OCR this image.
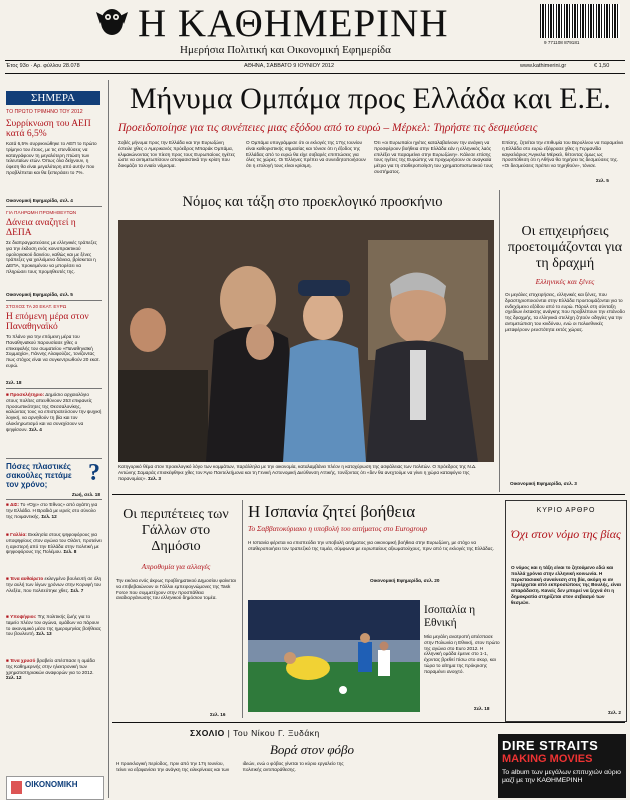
Η ΚΑΘΗΜΕΡΙΝΗ
Ημερήσια Πολιτική και Οικονομική Εφημερίδα
9 771108 879181
Έτος 93ο · Αρ. φύλλου 28.078	ΑΘΗΝΑ, ΣΑΒΒΑΤΟ 9 ΙΟΥΝΙΟΥ 2012	www.kathimerini.gr	€ 1,50
ΣΗΜΕΡΑ
ΤΟ ΠΡΩΤΟ ΤΡΙΜΗΝΟ ΤΟΥ 2012
Συρρίκνωση του ΑΕΠ κατά 6,5%
Κατά 6,5% συρρικνώθηκε το ΑΕΠ το πρώτο τρίμηνο του έτους, με τις επενδύσεις να καταγράφουν τη μεγαλύτερη πτώση των τελευταίων ετών. Όπως όλα δείχνουν, η ύφεση θα είναι μεγαλύτερη από αυτήν που προβλέπεται και θα ξεπεράσει το 7%.
Οικονομική Εφημερίδα, σελ. 4
ΓΙΑ ΠΛΗΡΩΜΗ ΠΡΟΜΗΘΕΥΤΩΝ
Δάνεια αναζητεί η ΔΕΠΑ
Σε διαπραγματεύσεις με ελληνικές τράπεζες για την έκδοση ενός κοινοπρακτικού ομολογιακού δανείου, καθώς και με ξένες τράπεζες για χειλιόμενα δάνεια, βρίσκεται η ΔΕΠΑ, προκειμένου να μπορέσει να πληρώσει τους προμηθευτές της.
Οικονομική Εφημερίδα, σελ. 5
ΣΤΟΧΟΣ ΤΑ 20 ΕΚΑΤ. ΕΥΡΩ
Η επόμενη μέρα στον Παναθηναϊκό
Το πλάνο για την επόμενη μέρα του Παναθηναϊκού παρουσίασε χθες ο επικεφαλής του σωματείου «Παναθηναϊκή Συμμαχία», Γιάννης Αλαφούζος, τονίζοντας πως στόχος είναι να συγκεντρωθούν 20 εκατ. ευρώ.
Σελ. 18
■ Προσκλήτηριο: Δημόσιο αρχαιολόγιο στους πολίτες απευθύνουν 253 επιφανείς προσωπικότητες της Θεσσαλονίκης, καλώντας τους να επιστρατεύσουν την ψυχική λογική, να αρνηθούν τη βία και τον ολοκληρωτισμό και να συνεχίσουν να ψηφίσουν. Σελ. 4
Πόσες πλαστικές σακούλες πετάμε τον χρόνο;	?
Ζωή, σελ. 18
■ ΔΙΣ: Το «Όχι» στο Έθνος» από αγάπη για την Ελλάδα. Η Βραδιά με ιερείς στο σύνολο της ποιμαντικής. Σελ. 12
■ Γαλλία: Εκκλησία στους ψηφοφόρους για υποψηφίους στον αγώνα του Ολάντ, προτείνει η αριστερή από την Ελλάδα στην πολιτική με ψηφοφόρους της Πολέμου. Σελ. 8
■ Ένα αυθαίρετο εκλεγμένο βουλευτή σε όλη την αυλή των λίγων χρόνων στην Κορυφή του Αλεξέα, που πολιτεύτηκε χθες. Σελ. 7
■ Υποψήφιοι: Της πολιτικής ζωής για το ταμείο πλέον του αγώνα, ομάδων να πάρουν το οικονομικό μέσο της ημερομηνίας βοήθειας του βουλευτή. Σελ. 13
■ Ένα χρυσό βραβείο απέσπασε η ομάδα της Καθημερινής στην ηλεκτρονική των χρηματιστηριακών αναφορών για το 2012. Σελ. 12
ΟΙΚΟΝΟΜΙΚΗ
Μήνυμα Ομπάμα προς Ελλάδα και Ε.Ε.
Προειδοποίησε για τις συνέπειες μιας εξόδου από το ευρώ – Μέρκελ: Τηρήστε τις δεσμεύσεις
Σοβές μήνυμα προς την Ελλάδα και την Ευρωζώνη έστειλε χθες ο Αμερικανός πρόεδρος Μπαράκ Ομπάμα, κλιμακώνοντας τον πίεση προς τους Ευρωπαίους ηγέτες ώστε να αντιμετωπίσουν αποφασιστικά την κρίση που δοκιμάζει τα ενιαίο νόμισμα.
Ο Ομπάμα υπογράμμισε ότι οι εκλογές της 17ης Ιουνίου είναι καθοριστικής σημασίας και τόνισε ότι η έξοδος της Ελλάδας από το ευρώ θα είχε σοβαρές επιπτώσεις για όλες τις χώρες. Οι Έλληνες πρέπει να συνειδητοποιήσουν ότι η επιλογή τους είναι κρίσιμη.
Ότι «οι Ευρωπαίοι ηγέτες καταλαβαίνουν την ανάγκη να προσφέρουν βοήθεια στην Ελλάδα εάν η ελληνικός λαός επιλέξει να παραμείνει στην Ευρωζώνη». Κάλεσε επίσης τους ηγέτες της Ευρώπης να προχωρήσουν σε αναγκαία μέτρα για τη σταθεροποίηση του χρηματοπιστωτικού τους συστήματος.
Επίσης, ζητείται την επιθυμία του Βερολίνου να παραμείνει η Ελλάδα στο ευρώ εξέφρασε χθες η Γερμανίδα καγκελάριος Άνγκελα Μέρκελ, θέτοντας όμως ως προϋπόθεση ότι η Αθήνα θα τηρήσει τις δεσμεύσεις της. «Οι δεσμεύσεις πρέπει να τηρηθούν», τόνισε.
Σελ. 5
Νόμος και τάξη στο προεκλογικό προσκήνιο
Κατηγορικό θέμα στον προεκλογικό λόγο των κομμάτων, παράλληλα με την οικονομία, καταλαμβάνει πλέον η κατοχύρωση της ασφάλειας των πολιτών. Ο πρόεδρος της Ν.Δ. Αντώνης Σαμαράς επισκέφθηκε χθες τον Άγιο Παντελεήμονα και τη Γενική Αστυνομική Διεύθυνση Αττικής, τονίζοντας ότι «δεν θα ανεχτούμε να γίνει η χώρα καταφύγιο της παρανομίας». Σελ. 3
Οι επιχειρήσεις προετοιμάζονται για τη δραχμή
Ελληνικές και ξένες
Οι μεγάλες επιχειρήσεις, ελληνικές και ξένες, που δραστηριοποιούνται στην Ελλάδα προετοιμάζονται για το ενδεχόμενο εξόδου από το ευρώ. Πάρολ στη σύνταξη σχεδίων έκτακτης ανάγκης που προβλέπουν την επάνοδο της δραχμής, τα ελληνικά στελέχη ζητούν οδηγίες για την αντιμετώπιση του κινδύνου, ενώ οι πολυεθνικές μεταφέρουν ρευστότητα εκτός χώρας.
Οικονομική Εφημερίδα, σελ. 3
Οι περιπέτειες των Γάλλων στο Δημόσιο
Απροθυμία για αλλαγές
Την εικόνα ενός άκρως προβληματικού Δημοσίου φαίνεται να επιβεβαιώνουν οι Γάλλοι εμπειρογνώμονες της Task Force που συμμετέχουν στην προσπάθεια αναδιοργάνωσης του ελληνικού δημόσιου τομέα.
Σελ. 16
Η Ισπανία ζητεί βοήθεια
Το Σαββατοκύριακο η υποβολή του αιτήματος στο Eurogroup
Η Ισπανία φέρεται να επισπεύδει την υποβολή αιτήματος για οικονομική βοήθεια στην Ευρωζώνη, με στόχο να σταθεροποιήσει τον τραπεζικό της τομέα, σύμφωνα με ευρωπαίους αξιωματούχους, πριν από τις εκλογές της Ελλάδας.
Οικονομική Εφημερίδα, σελ. 20
Ισοπαλία η Εθνική
Μία μεγάλη ανατροπή απέσπασε στην Πολωνία η Εθνική, στον πρώτο της αγώνα στο Euro 2012. Η ελληνική ομάδα έμεινε στο 1-1, έχοντας βρεθεί πίσω στο σκορ, και τώρα το αίτημα της πρόκρισης παραμένει ανοιχτό.
Σελ. 18
ΚΥΡΙΟ ΑΡΘΡΟ
Όχι στον νόμο της βίας
Ο νόμος και η τάξη είναι το ζητούμενο εδώ και πολλά χρόνια στην ελληνική κοινωνία. Η περιστασιακή συναίνεση στη βία, ακόμη κι αν προέρχεται από εκπροσώπους της Βουλής, είναι απαράδεκτη. Κανείς δεν μπορεί να ξεχνά ότι η δημοκρατία στηρίζεται στον σεβασμό των θεσμών.
Σελ. 2
ΣΧΟΛΙΟ | Του Νίκου Γ. Ξυδάκη
Βορά στον φόβο
Η προεκλογική περίοδος, πριν από την 17η Ιουνίου, τείνει να εξαφανίσει την ανάγκη της ειλικρίνειας και των ιδεών, ενώ ο φόβος γίνεται το κύριο εργαλείο της πολιτικής αντιπαράθεσης.
DIRE STRAITS
MAKING MOVIES
Το album των μεγάλων επιτυχιών αύριο μαζί με την ΚΑΘΗΜΕΡΙΝΗ
